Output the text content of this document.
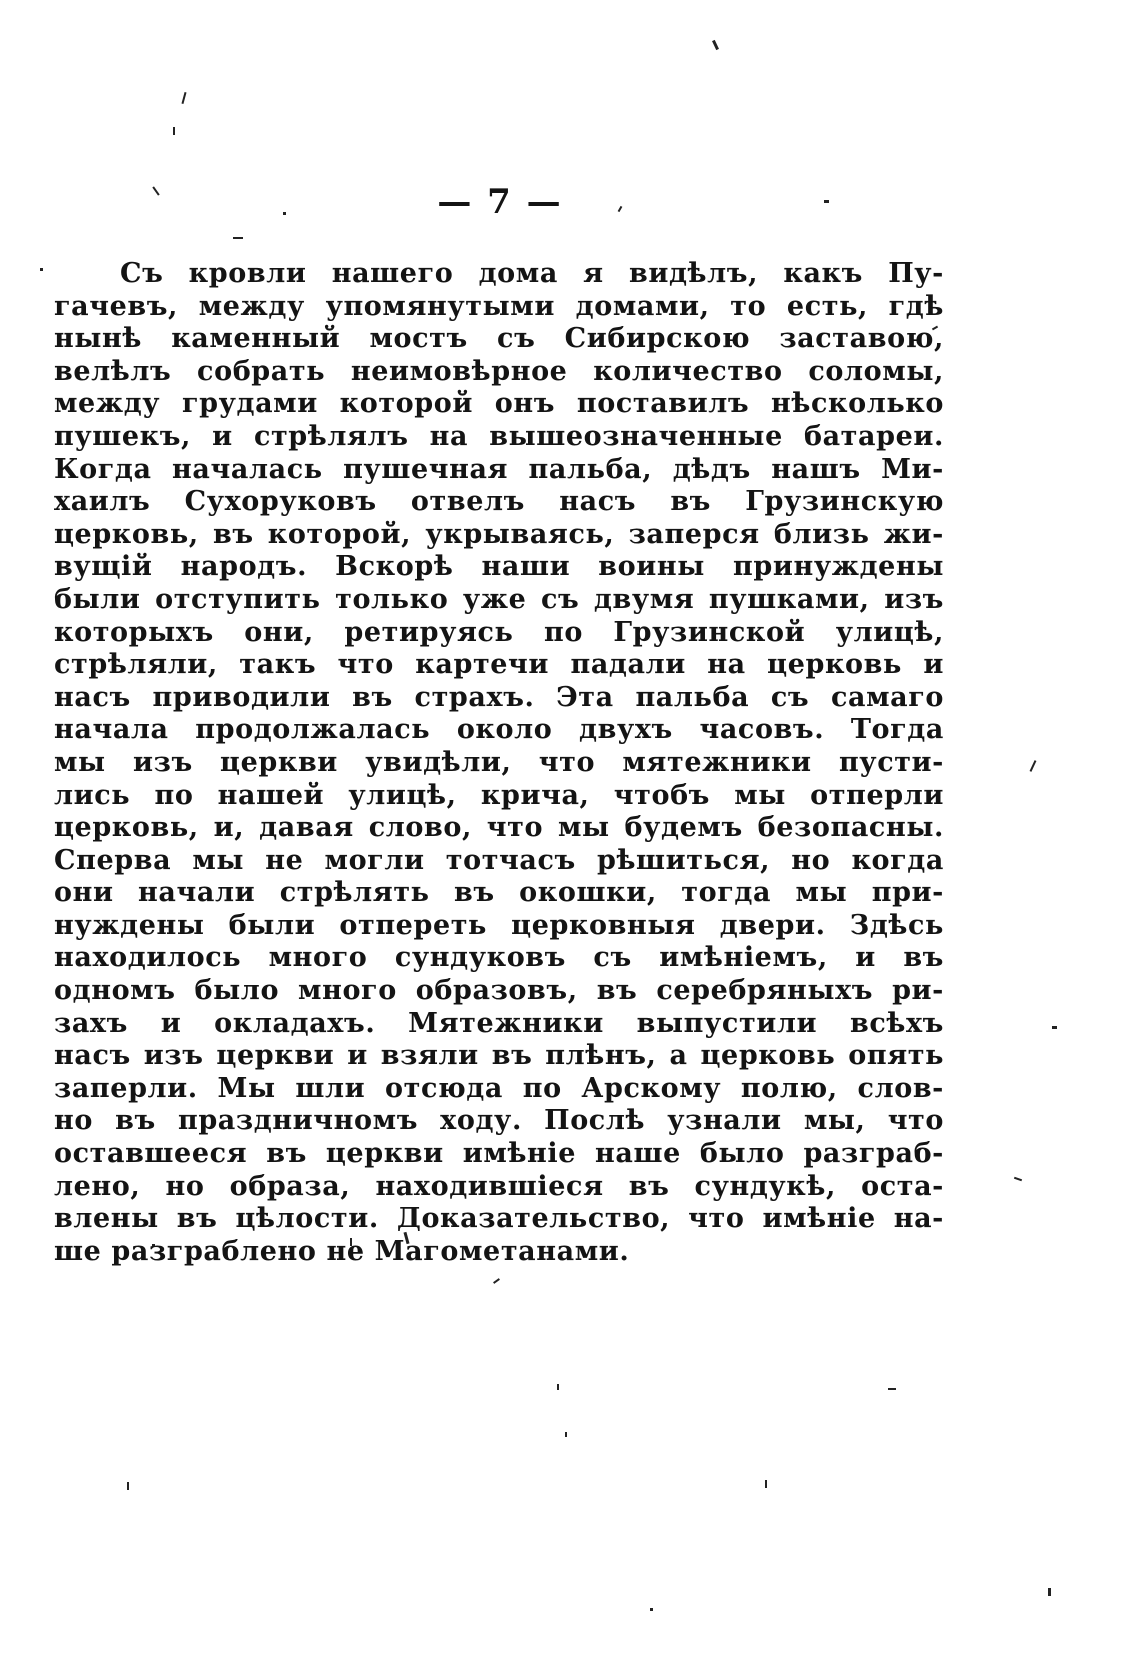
— 7 —
Съ кровли нашего дома я видѣлъ, какъ Пу-
гачевъ, между упомянутыми домами, то есть, гдѣ
нынѣ каменный мостъ съ Сибирскою заставою,
велѣлъ собрать неимовѣрное количество соломы,
между грудами которой онъ поставилъ нѣсколько
пушекъ, и стрѣлялъ на вышеозначенные батареи.
Когда началась пушечная пальба, дѣдъ нашъ Ми-
хаилъ Сухоруковъ отвелъ насъ въ Грузинскую
церковь, въ которой, укрываясь, заперся близь жи-
вущій народъ. Вскорѣ наши воины принуждены
были отступить только уже съ двумя пушками, изъ
которыхъ они, ретируясь по Грузинской улицѣ,
стрѣляли, такъ что картечи падали на церковь и
насъ приводили въ страхъ. Эта пальба съ самаго
начала продолжалась около двухъ часовъ. Тогда
мы изъ церкви увидѣли, что мятежники пусти-
лись по нашей улицѣ, крича, чтобъ мы отперли
церковь, и, давая слово, что мы будемъ безопасны.
Сперва мы не могли тотчасъ рѣшиться, но когда
они начали стрѣлять въ окошки, тогда мы при-
нуждены были отпереть церковныя двери. Здѣсь
находилось много сундуковъ съ имѣніемъ, и въ
одномъ было много образовъ, въ серебряныхъ ри-
захъ и окладахъ. Мятежники выпустили всѣхъ
насъ изъ церкви и взяли въ плѣнъ, а церковь опять
заперли. Мы шли отсюда по Арскому полю, слов-
но въ праздничномъ ходу. Послѣ узнали мы, что
оставшееся въ церкви имѣніе наше было разграб-
лено, но образа, находившіеся въ сундукѣ, оста-
влены въ цѣлости. Доказательство, что имѣніе на-
ше разграблено не Магометанами.
